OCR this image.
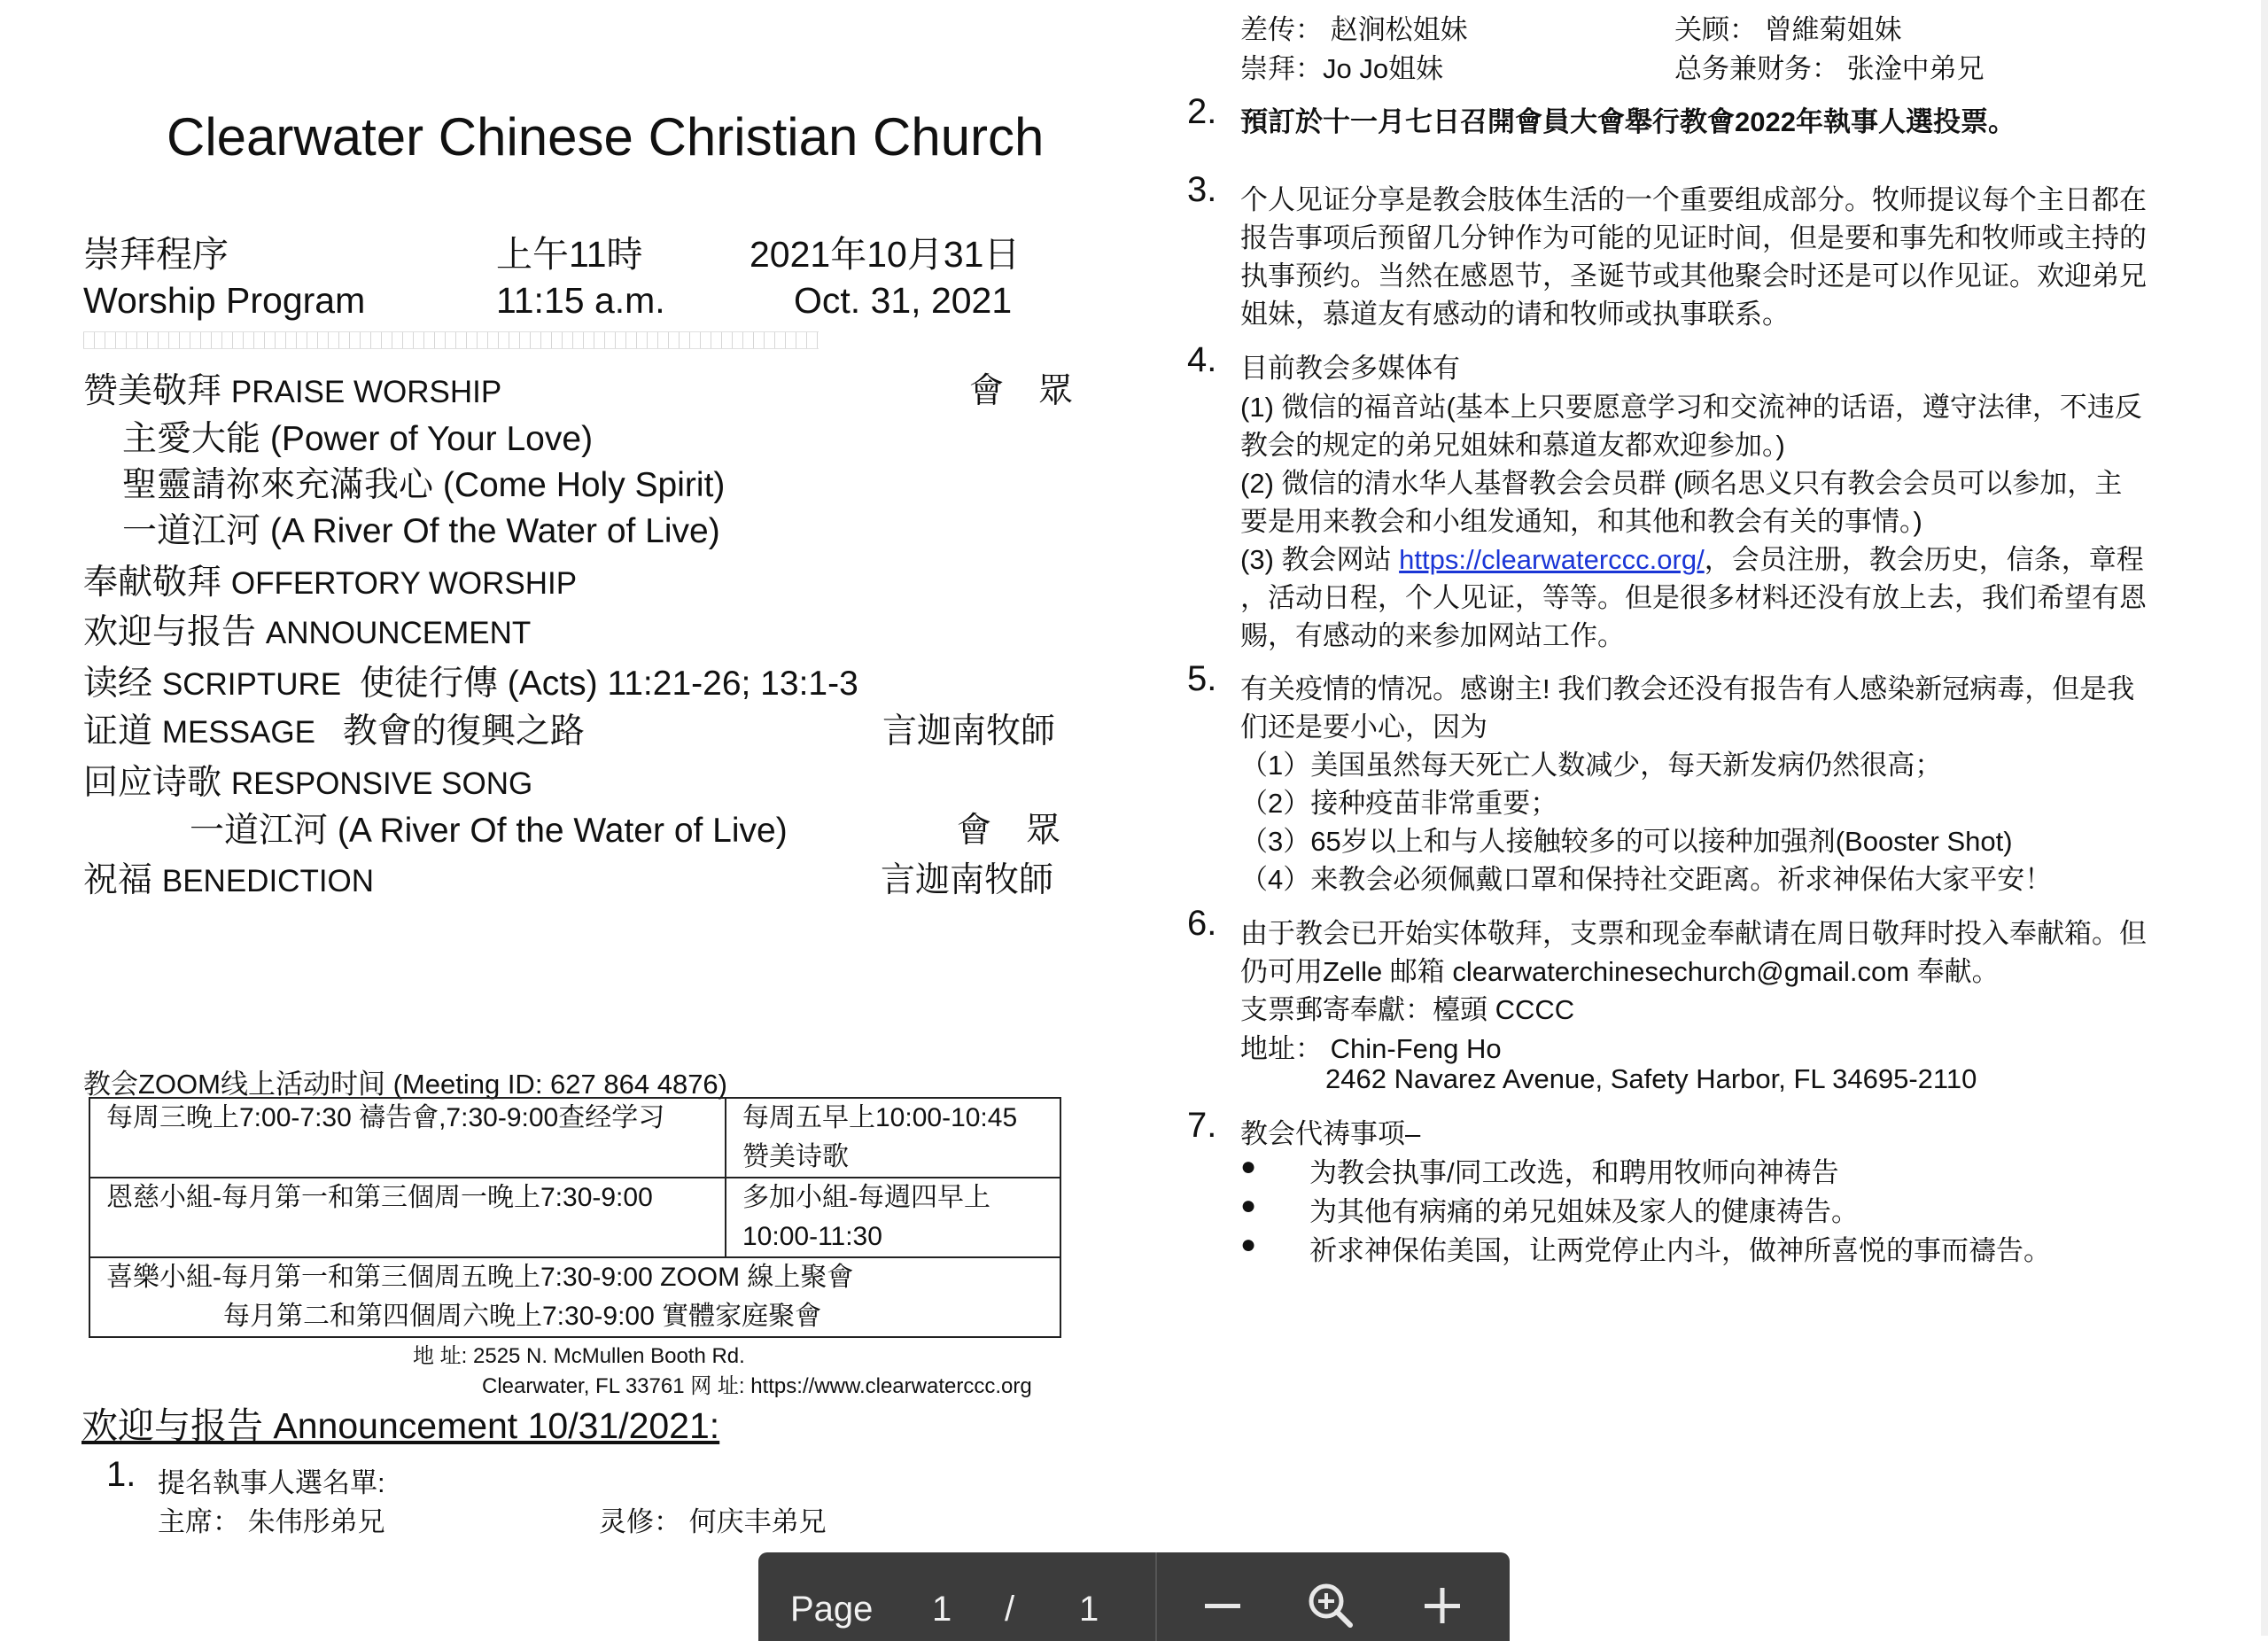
Clearwater Chinese Christian Church
崇拜程序	上午11時	2021年10月31日
Worship Program	11:15 a.m.	Oct. 31, 2021
赞美敬拜 PRAISE WORSHIP	會　眾
主愛大能 (Power of Your Love)
聖靈請祢來充滿我心 (Come Holy Spirit)
一道江河 (A River Of the Water of Live)
奉献敬拜 OFFERTORY WORSHIP
欢迎与报告 ANNOUNCEMENT
读经 SCRIPTURE 使徒行傳 (Acts) 11:21-26; 13:1-3
证道 MESSAGE 教會的復興之路	言迦南牧師
回应诗歌 RESPONSIVE SONG
一道江河 (A River Of the Water of Live)	會　眾
祝福 BENEDICTION	言迦南牧師
教会ZOOM线上活动时间 (Meeting ID: 627 864 4876)
每周三晚上7:00-7:30 禱告會,7:30-9:00查经学习	每周五早上10:00-10:45
赞美诗歌
恩慈小組-每月第一和第三個周一晚上7:30-9:00	多加小組-每週四早上
10:00-11:30
喜樂小組-每月第一和第三個周五晚上7:30-9:00 ZOOM 線上聚會
每月第二和第四個周六晚上7:30-9:00 實體家庭聚會	
地 址: 2525 N. McMullen Booth Rd.
Clearwater, FL 33761 网 址: https://www.clearwaterccc.org
欢迎与报告 Announcement 10/31/2021:
1. 提名執事人選名單:
主席： 朱伟彤弟兄	灵修： 何庆丰弟兄
差传： 赵涧松姐妹	关顾： 曾維菊姐妹
崇拜：Jo Jo姐妹	总务兼财务： 张淦中弟兄
2. 預訂於十一月七日召開會員大會舉行教會2022年執事人選投票。
3. 个人见证分享是教会肢体生活的一个重要组成部分。牧师提议每个主日都在
报告事项后预留几分钟作为可能的见证时间，但是要和事先和牧师或主持的
执事预约。当然在感恩节，圣诞节或其他聚会时还是可以作见证。欢迎弟兄
姐妹，慕道友有感动的请和牧师或执事联系。
4. 目前教会多媒体有
(1) 微信的福音站(基本上只要愿意学习和交流神的话语，遵守法律，不违反
教会的规定的弟兄姐妹和慕道友都欢迎参加。)
(2) 微信的清水华人基督教会会员群 (顾名思义只有教会会员可以参加，主
要是用来教会和小组发通知，和其他和教会有关的事情。)
(3) 教会网站 https://clearwaterccc.org/，会员注册，教会历史，信条，章程
，活动日程，个人见证，等等。但是很多材料还没有放上去，我们希望有恩
赐，有感动的来参加网站工作。
5. 有关疫情的情况。感谢主! 我们教会还没有报告有人感染新冠病毒，但是我
们还是要小心，因为
（1）美国虽然每天死亡人数减少，每天新发病仍然很高；
（2）接种疫苗非常重要；
（3）65岁以上和与人接触较多的可以接种加强剂(Booster Shot)
（4）来教会必须佩戴口罩和保持社交距离。祈求神保佑大家平安！
6. 由于教会已开始实体敬拜，支票和现金奉献请在周日敬拜时投入奉献箱。但
仍可用Zelle 邮箱 clearwaterchinesechurch@gmail.com 奉献。
支票郵寄奉獻：檯頭 CCCC
地址： Chin-Feng Ho
2462 Navarez Avenue, Safety Harbor, FL 34695-2110
7. 教会代祷事项–
● 为教会执事/同工改选，和聘用牧师向神祷告
● 为其他有病痛的弟兄姐妹及家人的健康祷告。
● 祈求神保佑美国，让两党停止内斗，做神所喜悦的事而禱告。
Page 1 / 1
